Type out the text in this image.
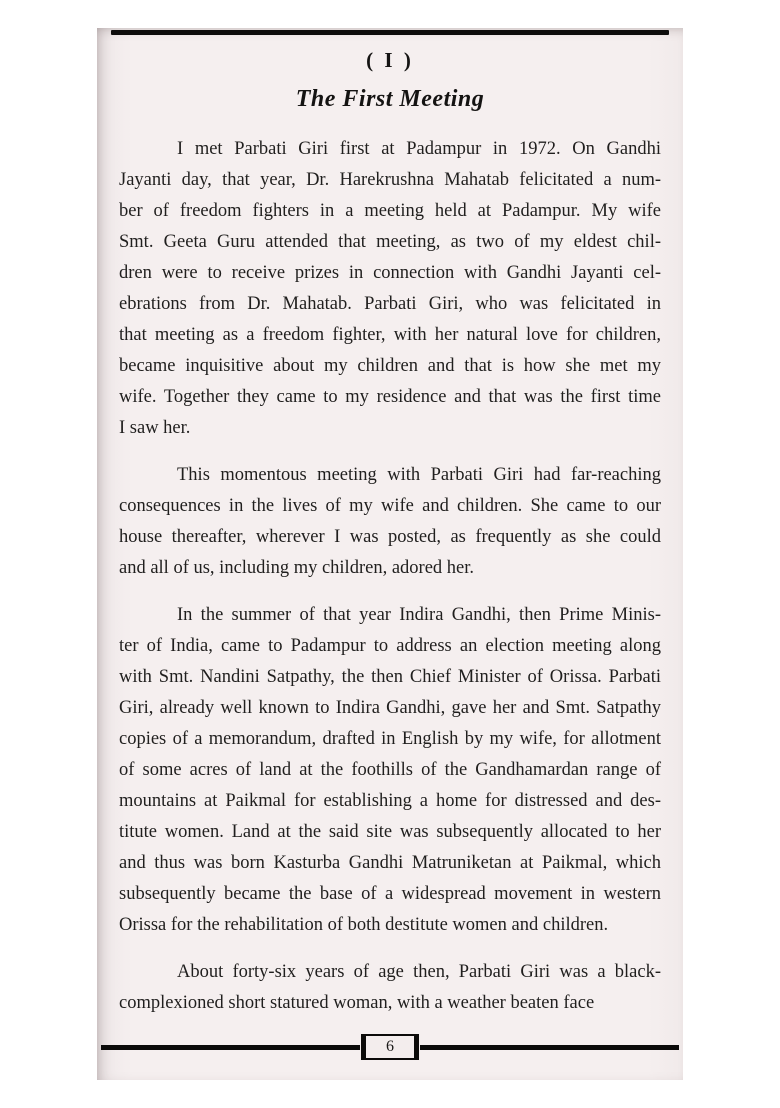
( I )
The First Meeting
I met Parbati Giri first at Padampur in 1972. On Gandhi
Jayanti day, that year, Dr. Harekrushna Mahatab felicitated a num-
ber of freedom fighters in a meeting held at Padampur. My wife
Smt. Geeta Guru attended that meeting, as two of my eldest chil-
dren were to receive prizes in connection with Gandhi Jayanti cel-
ebrations from Dr. Mahatab. Parbati Giri, who was felicitated in
that meeting as a freedom fighter, with her natural love for children,
became inquisitive about my children and that is how she met my
wife. Together they came to my residence and that was the first time
I saw her.
This momentous meeting with Parbati Giri had far-reaching
consequences in the lives of my wife and children. She came to our
house thereafter, wherever I was posted, as frequently as she could
and all of us, including my children, adored her.
In the summer of that year Indira Gandhi, then Prime Minis-
ter of India, came to Padampur to address an election meeting along
with Smt. Nandini Satpathy, the then Chief Minister of Orissa. Parbati
Giri, already well known to Indira Gandhi, gave her and Smt. Satpathy
copies of a memorandum, drafted in English by my wife, for allotment
of some acres of land at the foothills of the Gandhamardan range of
mountains at Paikmal for establishing a home for distressed and des-
titute women. Land at the said site was subsequently allocated to her
and thus was born Kasturba Gandhi Matruniketan at Paikmal, which
subsequently became the base of a widespread movement in western
Orissa for the rehabilitation of both destitute women and children.
About forty-six years of age then, Parbati Giri was a black-
complexioned short statured woman, with a weather beaten face
6
